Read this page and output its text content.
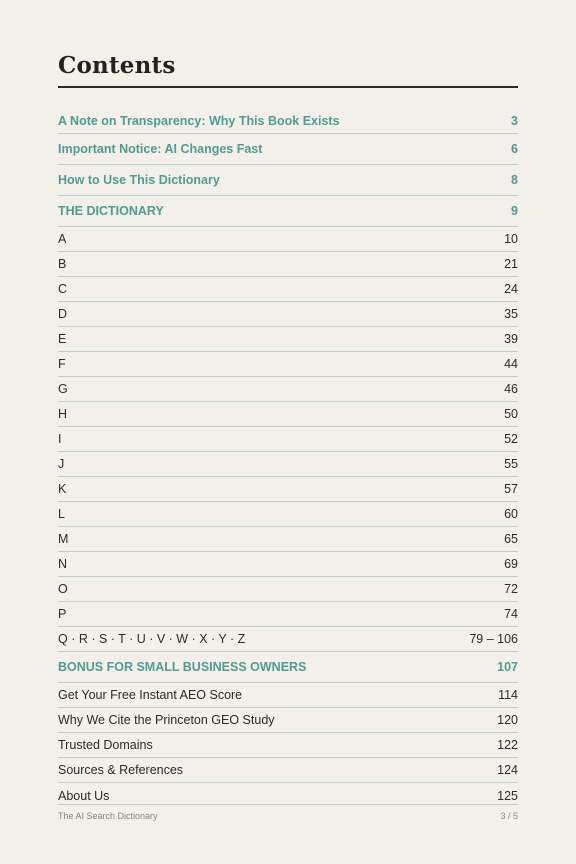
Contents
A Note on Transparency: Why This Book Exists	3
Important Notice: AI Changes Fast	6
How to Use This Dictionary	8
THE DICTIONARY	9
A	10
B	21
C	24
D	35
E	39
F	44
G	46
H	50
I	52
J	55
K	57
L	60
M	65
N	69
O	72
P	74
Q · R · S · T · U · V · W · X · Y · Z	79 – 106
BONUS FOR SMALL BUSINESS OWNERS	107
Get Your Free Instant AEO Score	114
Why We Cite the Princeton GEO Study	120
Trusted Domains	122
Sources & References	124
About Us	125
The AI Search Dictionary	3 / 5
